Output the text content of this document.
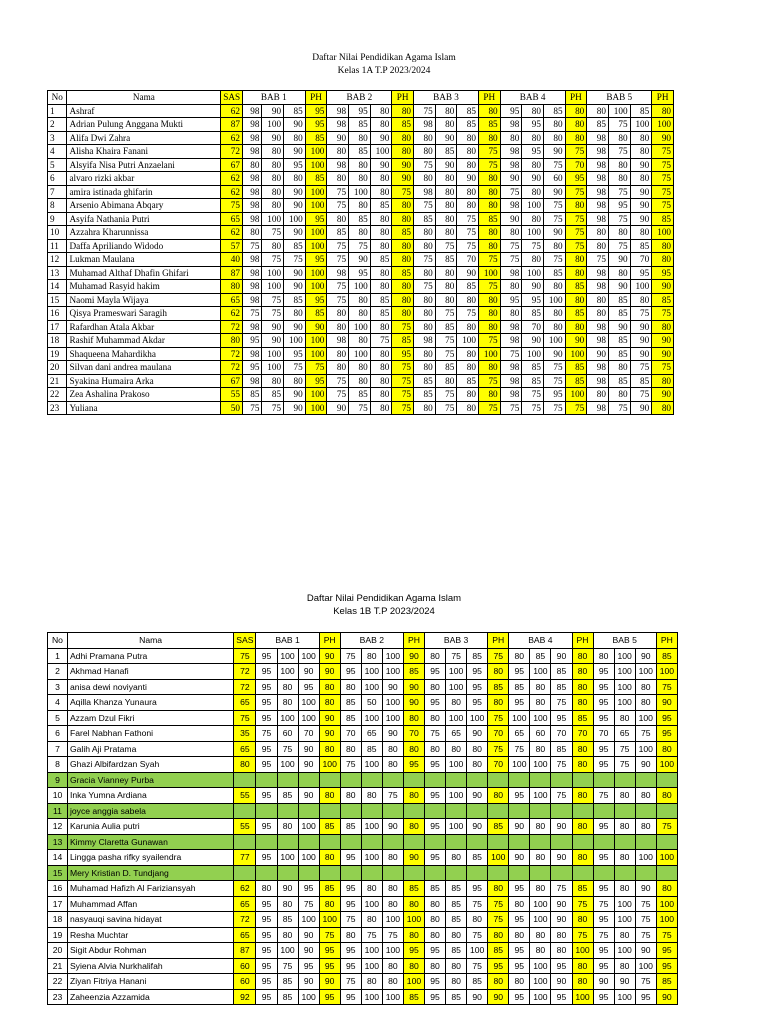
Daftar Nilai Pendidikan Agama Islam
Kelas 1A T.P 2023/2024
No	Nama	SAS	BAB 1			PH	BAB 2			PH	BAB 3			PH	BAB 4			PH	BAB 5			PH
1	Ashraf	62	98	90	85	95	98	95	80	80	75	80	85	80	95	80	85	80	80	100	85	80
2	Adrian Pulung Anggana Mukti	87	98	100	90	95	98	85	80	85	98	80	85	85	98	95	80	80	85	75	100	100
3	Alifa Dwi Zahra	62	98	90	80	85	90	80	90	80	80	90	80	80	80	80	80	80	98	80	80	90
4	Alisha Khaira Fanani	72	98	80	90	100	80	85	100	80	80	85	80	75	98	95	90	75	98	75	80	75
5	Alsyifa Nisa Putri Anzaelani	67	80	80	95	100	98	80	90	90	75	90	80	75	98	80	75	70	98	80	90	75
6	alvaro rizki akbar	62	98	80	80	85	80	80	80	90	80	80	90	80	90	90	60	95	98	80	80	75
7	amira istinada ghifarin	62	98	80	90	100	75	100	80	75	98	80	80	80	75	80	90	75	98	75	90	75
8	Arsenio Abimana Abqary	75	98	80	90	100	75	80	85	80	75	80	80	80	98	100	75	80	98	95	90	75
9	Asyifa Nathania Putri	65	98	100	100	95	80	85	80	80	85	80	75	85	90	80	75	75	98	75	90	85
10	Azzahra Kharunnissa	62	80	75	90	100	85	80	80	85	80	80	75	80	80	100	90	75	80	80	80	100
11	Daffa Apriliando Widodo	57	75	80	85	100	75	75	80	80	80	75	75	80	75	75	80	75	80	75	85	80
12	Lukman Maulana	40	98	75	75	95	75	90	85	80	75	85	70	75	75	80	75	80	75	90	70	80
13	Muhamad Althaf Dhafin Ghifari	87	98	100	90	100	98	95	80	85	80	80	90	100	98	100	85	80	98	80	95	95
14	Muhamad Rasyid hakim	80	98	100	90	100	75	100	80	80	75	80	85	75	80	90	80	85	98	90	100	90
15	Naomi Mayla Wijaya	65	98	75	85	95	75	80	85	80	80	80	80	80	95	95	100	80	80	85	80	85
16	Qisya Prameswari Saragih	62	75	75	80	85	80	80	85	80	80	75	75	80	80	85	80	85	80	85	75	75
17	Rafardhan Atala Akbar	72	98	90	90	90	80	100	80	75	80	85	80	80	98	70	80	80	98	90	90	80
18	Rashif Muhammad Akdar	80	95	90	100	100	98	80	75	85	98	75	100	75	98	90	100	90	98	85	90	90
19	Shaqueena Mahardikha	72	98	100	95	100	80	100	80	95	80	75	80	100	75	100	90	100	90	85	90	90
20	Silvan dani andrea maulana	72	95	100	75	75	80	80	80	75	80	85	80	80	98	85	75	85	98	80	75	75
21	Syakina Humaira Arka	67	98	80	80	95	75	80	80	75	85	80	85	75	98	85	75	85	98	85	85	80
22	Zea Ashalina Prakoso	55	85	85	90	100	75	85	80	75	85	75	80	80	98	75	95	100	80	80	75	90
23	Yuliana	50	75	75	90	100	90	75	80	75	80	75	80	75	75	75	75	75	98	75	90	80
Daftar Nilai Pendidikan Agama Islam
Kelas 1B T.P 2023/2024
No	Nama	SAS	BAB 1			PH	BAB 2			PH	BAB 3			PH	BAB 4			PH	BAB 5			PH
1	Adhi Pramana Putra	75	95	100	100	90	75	80	100	90	80	75	85	75	80	85	90	80	80	100	90	85
2	Akhmad Hanafi	72	95	100	90	90	95	100	100	85	95	100	95	80	95	100	85	80	95	100	100	100
3	anisa dewi noviyanti	72	95	80	95	80	80	100	90	90	80	100	95	85	85	80	85	80	95	100	80	75
4	Aqilla Khanza Yunaura	65	95	80	100	80	85	50	100	90	95	80	95	80	95	80	75	80	95	100	80	90
5	Azzam Dzul Fikri	75	95	100	100	90	85	100	100	80	80	100	100	75	100	100	95	85	95	80	100	95
6	Farel Nabhan Fathoni	35	75	60	70	90	70	65	90	70	75	65	90	70	65	60	70	70	70	65	75	95
7	Galih Aji Pratama	65	95	75	90	80	80	85	80	80	80	80	80	75	75	80	85	80	95	75	100	80
8	Ghazi Albifardzan Syah	80	95	100	90	100	75	100	80	95	95	100	80	70	100	100	75	80	95	75	90	100
9	Gracia Vianney Purba																					
10	Inka Yumna Ardiana	55	95	85	90	80	80	80	75	80	95	100	90	80	95	100	75	80	75	80	80	80
11	joyce anggia sabela																					
12	Karunia Aulia putri	55	95	80	100	85	85	100	90	80	95	100	90	85	90	80	90	80	95	80	80	75
13	Kimmy Claretta Gunawan																					
14	Lingga pasha rifky syailendra	77	95	100	100	80	95	100	80	90	95	80	85	100	90	80	90	80	95	80	100	100
15	Mery Kristian D. Tundjang																					
16	Muhamad Hafizh Al Fariziansyah	62	80	90	95	85	95	80	80	85	85	85	95	80	95	80	75	85	95	80	90	80
17	Muhammad Affan	65	95	80	75	80	95	100	80	80	80	85	75	75	80	100	90	75	75	100	75	100
18	nasyauqi savina hidayat	72	95	85	100	100	75	80	100	100	80	85	80	75	95	100	90	80	95	100	75	100
19	Resha Muchtar	65	95	80	90	75	80	75	75	80	80	80	75	80	80	80	80	75	75	80	75	75
20	Sigit Abdur Rohman	87	95	100	90	95	95	100	100	95	95	85	100	85	95	80	80	100	95	100	90	95
21	Syiena Alvia Nurkhalifah	60	95	75	95	95	95	100	80	80	80	80	75	95	95	100	95	80	95	80	100	95
22	Ziyan Fitriya Hanani	60	95	85	90	90	75	80	80	100	95	80	85	80	80	100	90	80	90	90	75	85
23	Zaheenzia Azzamida	92	95	85	100	95	95	100	100	85	95	85	90	90	95	100	95	100	95	100	95	90
